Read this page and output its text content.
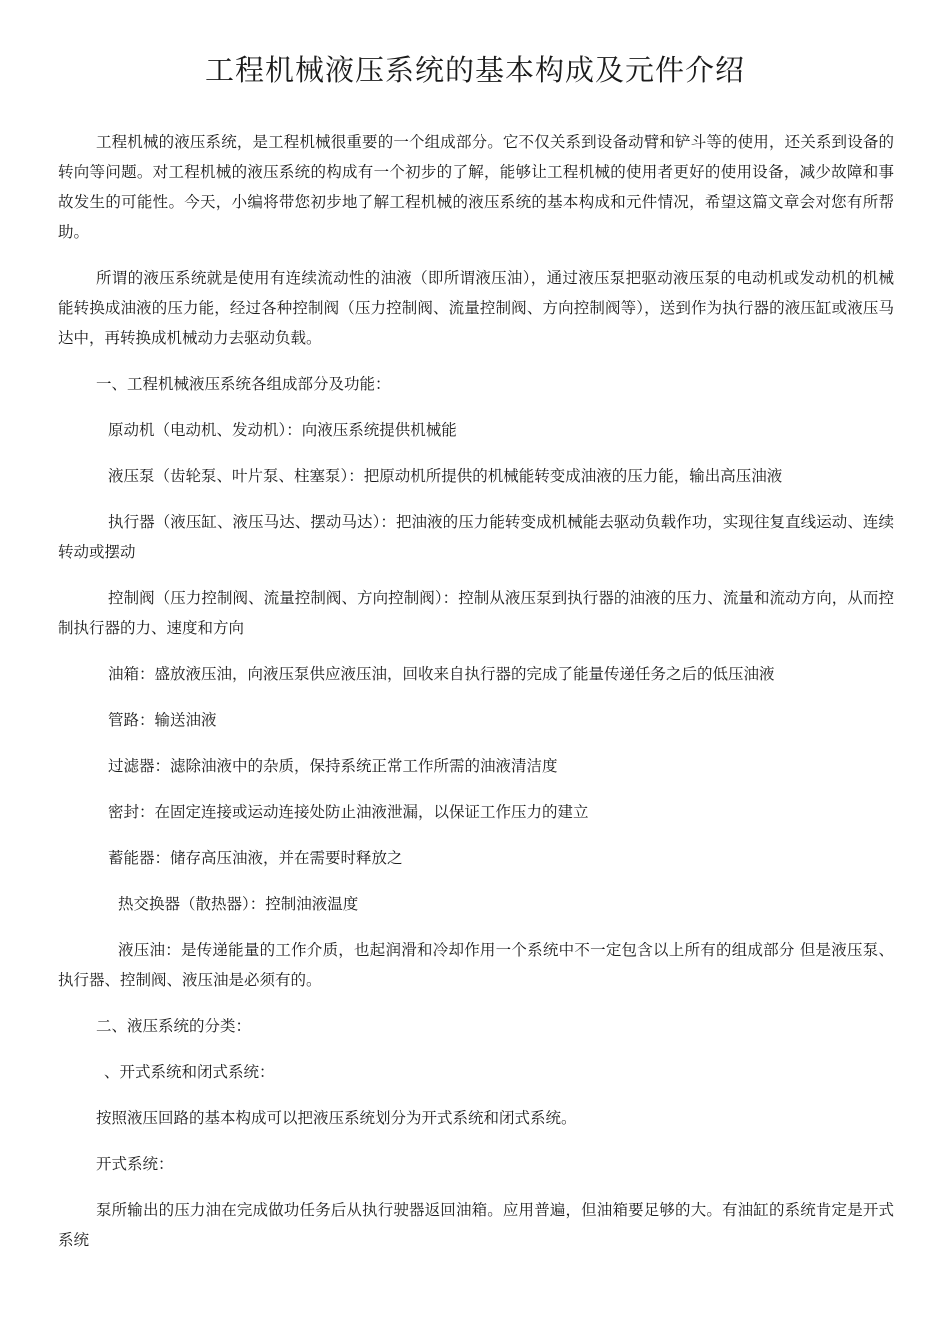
工程机械液压系统的基本构成及元件介绍

工程机械的液压系统，是工程机械很重要的一个组成部分。它不仅关系到设备动臂和铲斗等的使用，还关系到设备的转向等问题。对工程机械的液压系统的构成有一个初步的了解，能够让工程机械的使用者更好的使用设备，减少故障和事故发生的可能性。今天，小编将带您初步地了解工程机械的液压系统的基本构成和元件情况，希望这篇文章会对您有所帮助。

所谓的液压系统就是使用有连续流动性的油液（即所谓液压油），通过液压泵把驱动液压泵的电动机或发动机的机械能转换成油液的压力能，经过各种控制阀（压力控制阀、流量控制阀、方向控制阀等），送到作为执行器的液压缸或液压马达中，再转换成机械动力去驱动负载。

一、工程机械液压系统各组成部分及功能：

原动机（电动机、发动机）：向液压系统提供机械能

液压泵（齿轮泵、叶片泵、柱塞泵）：把原动机所提供的机械能转变成油液的压力能，输出高压油液

执行器（液压缸、液压马达、摆动马达）：把油液的压力能转变成机械能去驱动负载作功，实现往复直线运动、连续转动或摆动

控制阀（压力控制阀、流量控制阀、方向控制阀）：控制从液压泵到执行器的油液的压力、流量和流动方向，从而控制执行器的力、速度和方向

油箱：盛放液压油，向液压泵供应液压油，回收来自执行器的完成了能量传递任务之后的低压油液

管路：输送油液

过滤器：滤除油液中的杂质，保持系统正常工作所需的油液清洁度

密封：在固定连接或运动连接处防止油液泄漏，以保证工作压力的建立

蓄能器：储存高压油液，并在需要时释放之

热交换器（散热器）：控制油液温度

液压油：是传递能量的工作介质，也起润滑和冷却作用一个系统中不一定包含以上所有的组成部分 但是液压泵、执行器、控制阀、液压油是必须有的。

二、液压系统的分类：

、开式系统和闭式系统：

按照液压回路的基本构成可以把液压系统划分为开式系统和闭式系统。

开式系统：

泵所输出的压力油在完成做功任务后从执行驶器返回油箱。应用普遍，但油箱要足够的大。有油缸的系统肯定是开式系统
